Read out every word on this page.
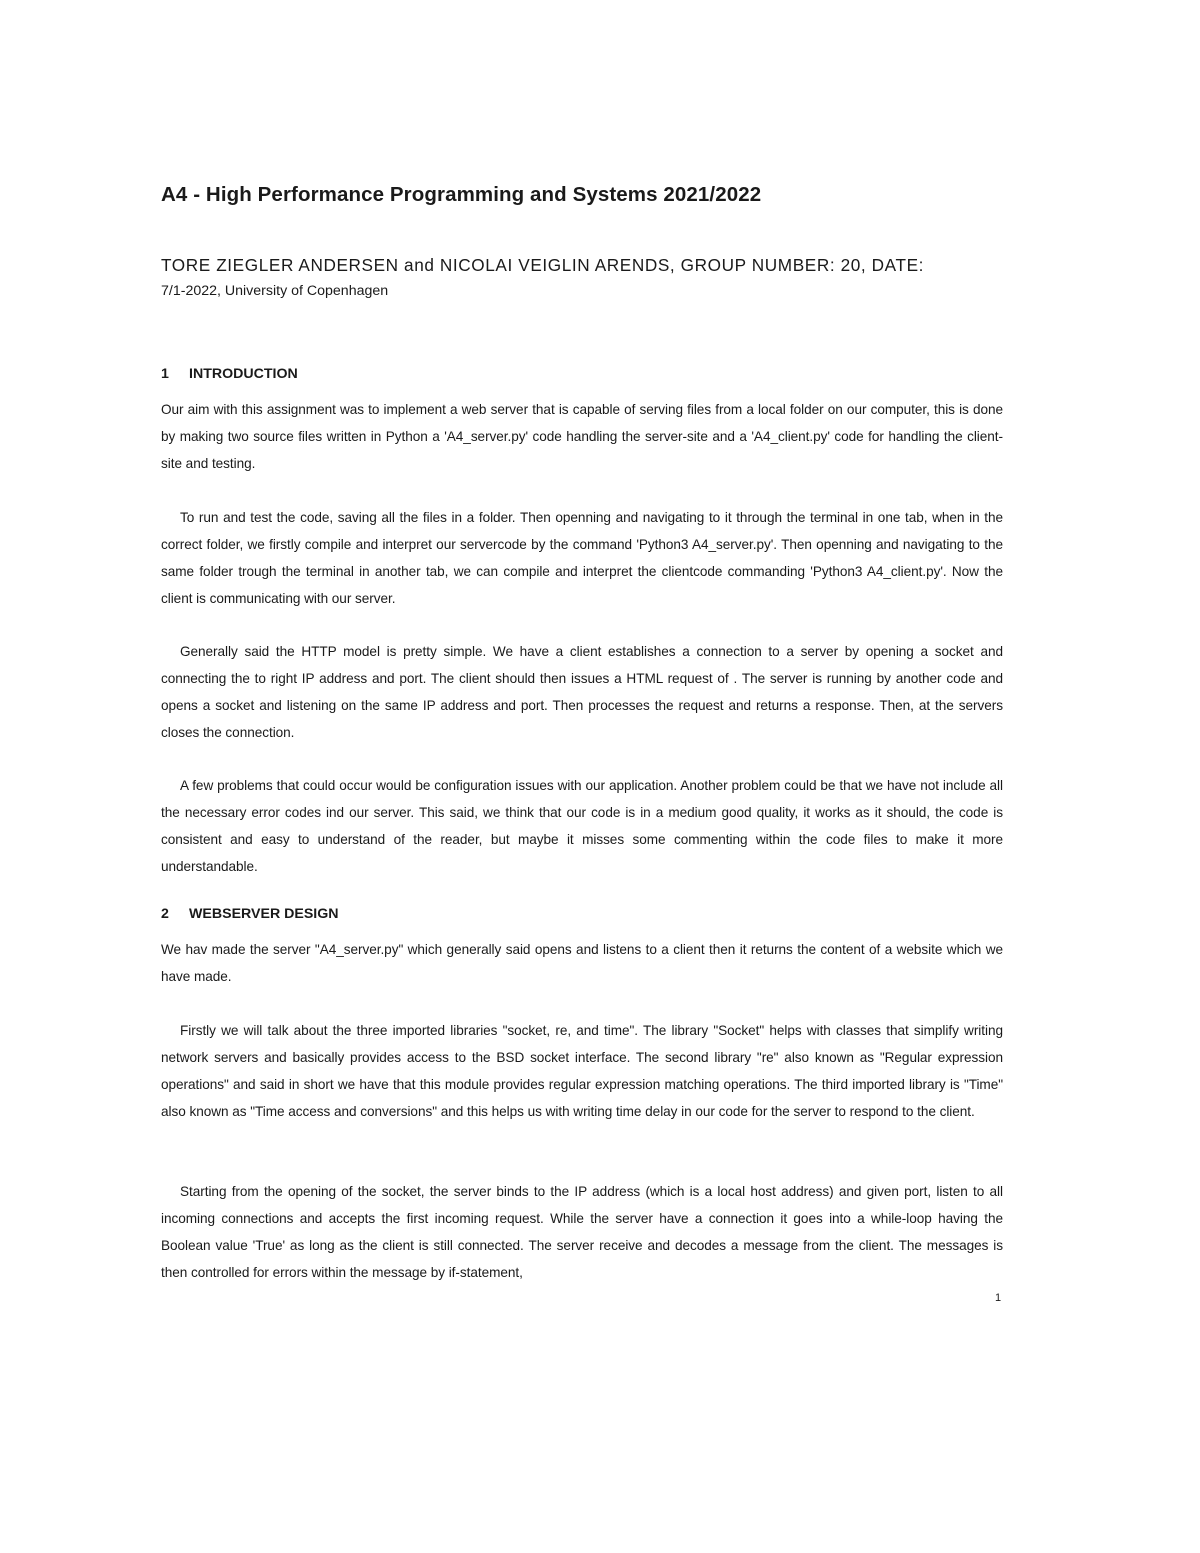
A4 - High Performance Programming and Systems 2021/2022

TORE ZIEGLER ANDERSEN and NICOLAI VEIGLIN ARENDS, GROUP NUMBER: 20, DATE:

7/1-2022, University of Copenhagen

1 INTRODUCTION

Our aim with this assignment was to implement a web server that is capable of serving files from a local folder on our computer, this is done by making two source files written in Python a 'A4_server.py' code handling the server-site and a 'A4_client.py' code for handling the client-site and testing.

To run and test the code, saving all the files in a folder. Then openning and navigating to it through the terminal in one tab, when in the correct folder, we firstly compile and interpret our servercode by the command 'Python3 A4_server.py'. Then openning and navigating to the same folder trough the terminal in another tab, we can compile and interpret the clientcode commanding 'Python3 A4_client.py'. Now the client is communicating with our server.

Generally said the HTTP model is pretty simple. We have a client establishes a connection to a server by opening a socket and connecting the to right IP address and port. The client should then issues a HTML request of . The server is running by another code and opens a socket and listening on the same IP address and port. Then processes the request and returns a response. Then, at the servers closes the connection.

A few problems that could occur would be configuration issues with our application. Another problem could be that we have not include all the necessary error codes ind our server. This said, we think that our code is in a medium good quality, it works as it should, the code is consistent and easy to understand of the reader, but maybe it misses some commenting within the code files to make it more understandable.

2 WEBSERVER DESIGN

We hav made the server "A4_server.py" which generally said opens and listens to a client then it returns the content of a website which we have made.

Firstly we will talk about the three imported libraries "socket, re, and time". The library "Socket" helps with classes that simplify writing network servers and basically provides access to the BSD socket interface. The second library "re" also known as "Regular expression operations" and said in short we have that this module provides regular expression matching operations. The third imported library is "Time" also known as "Time access and conversions" and this helps us with writing time delay in our code for the server to respond to the client.

Starting from the opening of the socket, the server binds to the IP address (which is a local host address) and given port, listen to all incoming connections and accepts the first incoming request. While the server have a connection it goes into a while-loop having the Boolean value 'True' as long as the client is still connected. The server receive and decodes a message from the client. The messages is then controlled for errors within the message by if-statement,

1
